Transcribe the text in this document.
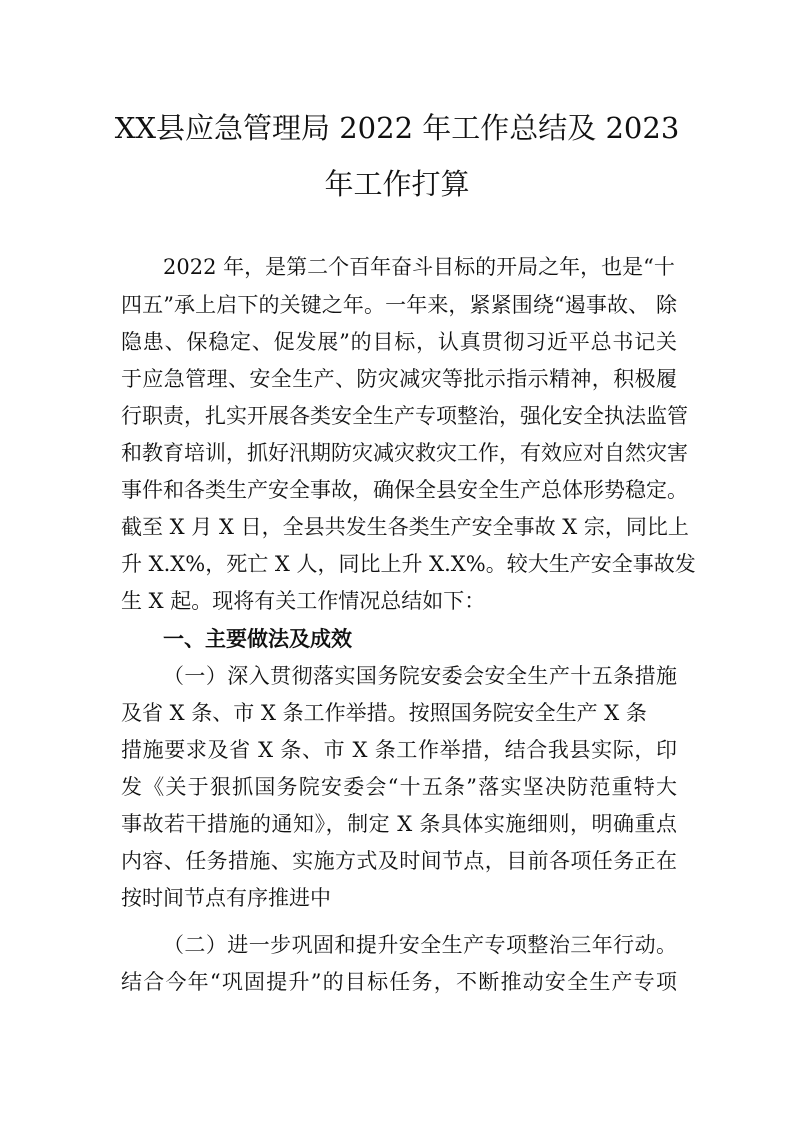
XX县应急管理局 2022 年工作总结及 2023
年工作打算

2022 年，是第二个百年奋斗目标的开局之年，也是“十

四五”承上启下的关键之年。一年来，紧紧围绕“遏事故、 除

隐患、保稳定、促发展”的目标，认真贯彻习近平总书记关

于应急管理、安全生产、防灾减灾等批示指示精神，积极履

行职责，扎实开展各类安全生产专项整治，强化安全执法监管

和教育培训，抓好汛期防灾减灾救灾工作，有效应对自然灾害

事件和各类生产安全事故，确保全县安全生产总体形势稳定。

截至 X 月 X 日，全县共发生各类生产安全事故 X 宗，同比上

升 X.X%，死亡 X 人，同比上升 X.X%。较大生产安全事故发

生 X 起。现将有关工作情况总结如下：

一、主要做法及成效

（一）深入贯彻落实国务院安委会安全生产十五条措施

及省 X 条、市 X 条工作举措。按照国务院安全生产 X 条

措施要求及省 X 条、市 X 条工作举措，结合我县实际，印

发《关于狠抓国务院安委会“十五条”落实坚决防范重特大

事故若干措施的通知》，制定 X 条具体实施细则，明确重点

内容、任务措施、实施方式及时间节点，目前各项任务正在

按时间节点有序推进中

（二）进一步巩固和提升安全生产专项整治三年行动。

结合今年“巩固提升”的目标任务，不断推动安全生产专项
